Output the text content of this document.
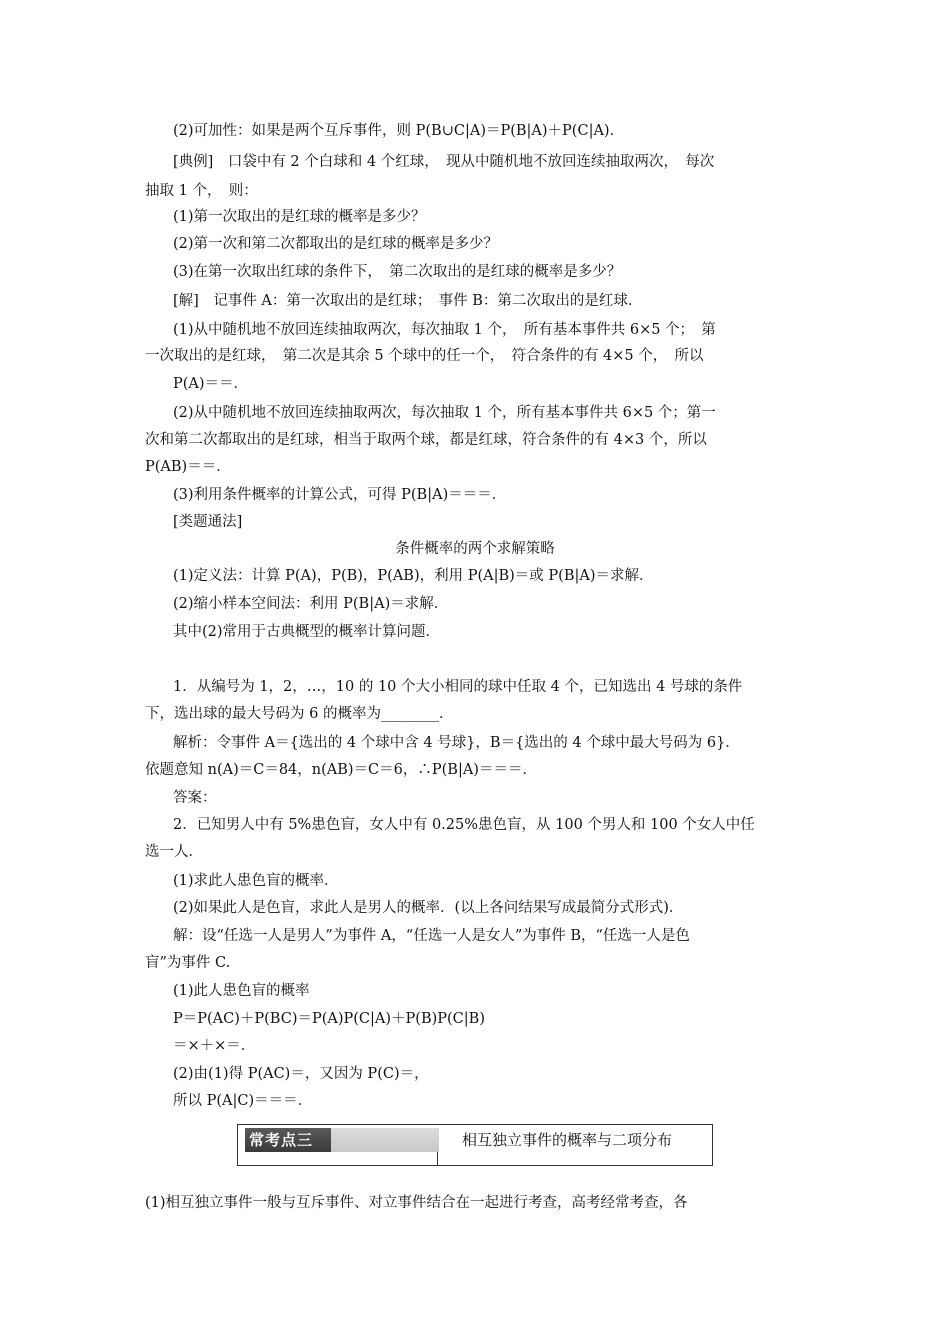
(2)可加性：如果是两个互斥事件，则 P(B∪C|A)＝P(B|A)＋P(C|A)．
[典例]　口袋中有 2 个白球和 4 个红球，　现从中随机地不放回连续抽取两次，　每次
抽取 1 个，　则：
(1)第一次取出的是红球的概率是多少？
(2)第一次和第二次都取出的是红球的概率是多少？
(3)在第一次取出红球的条件下，　第二次取出的是红球的概率是多少？
[解]　记事件 A：第一次取出的是红球；　事件 B：第二次取出的是红球．
(1)从中随机地不放回连续抽取两次，每次抽取 1 个，　所有基本事件共 6×5 个；　第
一次取出的是红球，　第二次是其余 5 个球中的任一个，　符合条件的有 4×5 个，　所以
P(A)＝＝．
(2)从中随机地不放回连续抽取两次，每次抽取 1 个，所有基本事件共 6×5 个；第一
次和第二次都取出的是红球，相当于取两个球，都是红球，符合条件的有 4×3 个，所以
P(AB)＝＝．
(3)利用条件概率的计算公式，可得 P(B|A)＝＝＝．
[类题通法]
条件概率的两个求解策略
(1)定义法：计算 P(A)，P(B)，P(AB)，利用 P(A|B)＝或 P(B|A)＝求解．
(2)缩小样本空间法：利用 P(B|A)＝求解．
其中(2)常用于古典概型的概率计算问题．
1．从编号为 1，2，…，10 的 10 个大小相同的球中任取 4 个，已知选出 4 号球的条件
下，选出球的最大号码为 6 的概率为________．
解析：令事件 A＝{选出的 4 个球中含 4 号球}，B＝{选出的 4 个球中最大号码为 6}．
依题意知 n(A)＝C＝84，n(AB)＝C＝6，∴P(B|A)＝＝＝．
答案：
2．已知男人中有 5%患色盲，女人中有 0.25%患色盲，从 100 个男人和 100 个女人中任
选一人．
(1)求此人患色盲的概率．
(2)如果此人是色盲，求此人是男人的概率．(以上各问结果写成最简分式形式)．
解：设“任选一人是男人”为事件 A，“任选一人是女人”为事件 B，“任选一人是色
盲”为事件 C.
(1)此人患色盲的概率
P＝P(AC)＋P(BC)＝P(A)P(C|A)＋P(B)P(C|B)
＝×＋×＝．
(2)由(1)得 P(AC)＝，又因为 P(C)＝，
所以 P(A|C)＝＝＝．
常考点三	相互独立事件的概率与二项分布
(1)相互独立事件一般与互斥事件、对立事件结合在一起进行考查，高考经常考查，各
